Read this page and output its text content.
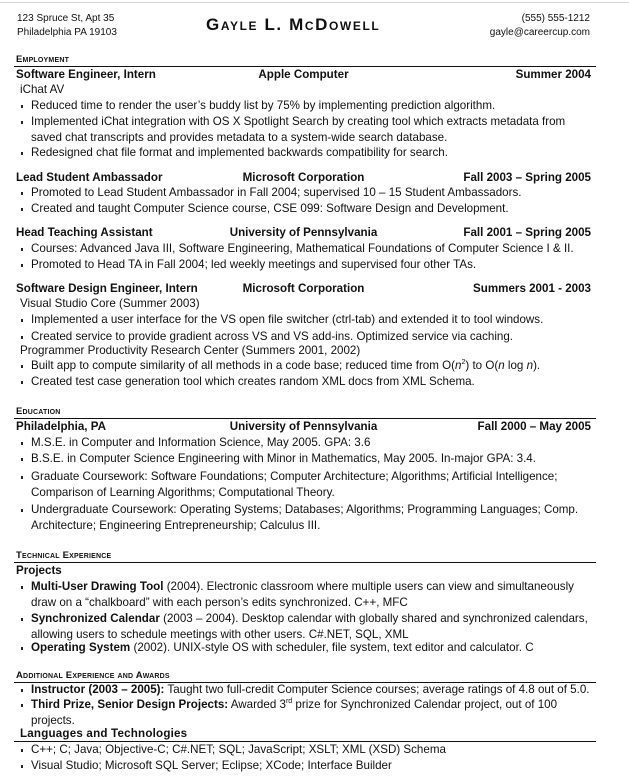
123 Spruce St, Apt 35
Philadelphia PA 19103	Gayle L. McDowell	(555) 555-1212
gayle@careercup.com
Employment
Software Engineer, Intern	Apple Computer	Summer 2004
iChat AV
Reduced time to render the user’s buddy list by 75% by implementing prediction algorithm.
Implemented iChat integration with OS X Spotlight Search by creating tool which extracts metadata from saved chat transcripts and provides metadata to a system-wide search database.
Redesigned chat file format and implemented backwards compatibility for search.
Lead Student Ambassador	Microsoft Corporation	Fall 2003 – Spring 2005
Promoted to Lead Student Ambassador in Fall 2004; supervised 10 – 15 Student Ambassadors.
Created and taught Computer Science course, CSE 099: Software Design and Development.
Head Teaching Assistant	University of Pennsylvania	Fall 2001 – Spring 2005
Courses: Advanced Java III, Software Engineering, Mathematical Foundations of Computer Science I & II.
Promoted to Head TA in Fall 2004; led weekly meetings and supervised four other TAs.
Software Design Engineer, Intern	Microsoft Corporation	Summers 2001 - 2003
Visual Studio Core (Summer 2003)
Implemented a user interface for the VS open file switcher (ctrl-tab) and extended it to tool windows.
Created service to provide gradient across VS and VS add-ins. Optimized service via caching.
Programmer Productivity Research Center (Summers 2001, 2002)
Built app to compute similarity of all methods in a code base; reduced time from $O(n^2)$ to O(n log n).
Created test case generation tool which creates random XML docs from XML Schema.
Education
Philadelphia, PA	University of Pennsylvania	Fall 2000 – May 2005
M.S.E. in Computer and Information Science, May 2005. GPA: 3.6
B.S.E. in Computer Science Engineering with Minor in Mathematics, May 2005. In-major GPA: 3.4.
Graduate Coursework: Software Foundations; Computer Architecture; Algorithms; Artificial Intelligence; Comparison of Learning Algorithms; Computational Theory.
Undergraduate Coursework: Operating Systems; Databases; Algorithms; Programming Languages; Comp. Architecture; Engineering Entrepreneurship; Calculus III.
Technical Experience
Projects
Multi-User Drawing Tool (2004). Electronic classroom where multiple users can view and simultaneously draw on a “chalkboard” with each person’s edits synchronized. C++, MFC
Synchronized Calendar (2003 – 2004). Desktop calendar with globally shared and synchronized calendars, allowing users to schedule meetings with other users. C#.NET, SQL, XML
Operating System (2002). UNIX-style OS with scheduler, file system, text editor and calculator. C
Additional Experience and Awards
Instructor (2003 – 2005): Taught two full-credit Computer Science courses; average ratings of 4.8 out of 5.0.
Third Prize, Senior Design Projects: Awarded 3rd prize for Synchronized Calendar project, out of 100 projects.
Languages and Technologies
C++; C; Java; Objective-C; C#.NET; SQL; JavaScript; XSLT; XML (XSD) Schema
Visual Studio; Microsoft SQL Server; Eclipse; XCode; Interface Builder
